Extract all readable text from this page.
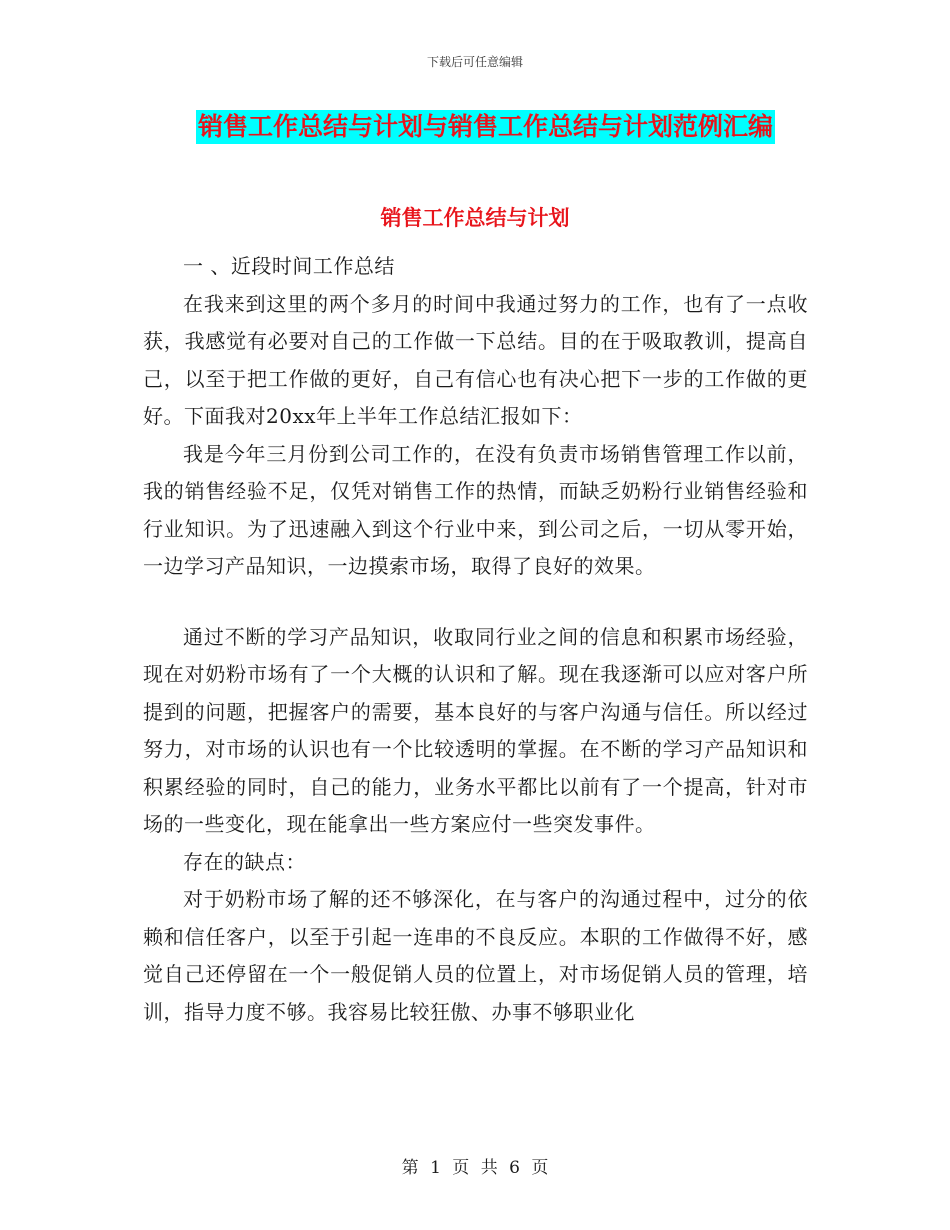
下载后可任意编辑
销售工作总结与计划与销售工作总结与计划范例汇编
销售工作总结与计划

一 、近段时间工作总结

在我来到这里的两个多月的时间中我通过努力的工作，也有了一点收获，我感觉有必要对自己的工作做一下总结。目的在于吸取教训，提高自己，以至于把工作做的更好，自己有信心也有决心把下一步的工作做的更好。下面我对20xx年上半年工作总结汇报如下：

我是今年三月份到公司工作的，在没有负责市场销售管理工作以前，我的销售经验不足，仅凭对销售工作的热情，而缺乏奶粉行业销售经验和行业知识。为了迅速融入到这个行业中来，到公司之后，一切从零开始，一边学习产品知识，一边摸索市场，取得了良好的效果。

通过不断的学习产品知识，收取同行业之间的信息和积累市场经验，现在对奶粉市场有了一个大概的认识和了解。现在我逐渐可以应对客户所提到的问题，把握客户的需要，基本良好的与客户沟通与信任。所以经过努力，对市场的认识也有一个比较透明的掌握。在不断的学习产品知识和积累经验的同时，自己的能力，业务水平都比以前有了一个提高，针对市场的一些变化，现在能拿出一些方案应付一些突发事件。

存在的缺点：

对于奶粉市场了解的还不够深化，在与客户的沟通过程中，过分的依赖和信任客户，以至于引起一连串的不良反应。本职的工作做得不好，感觉自己还停留在一个一般促销人员的位置上，对市场促销人员的管理，培训，指导力度不够。我容易比较狂傲、办事不够职业化

第 1 页 共 6 页
